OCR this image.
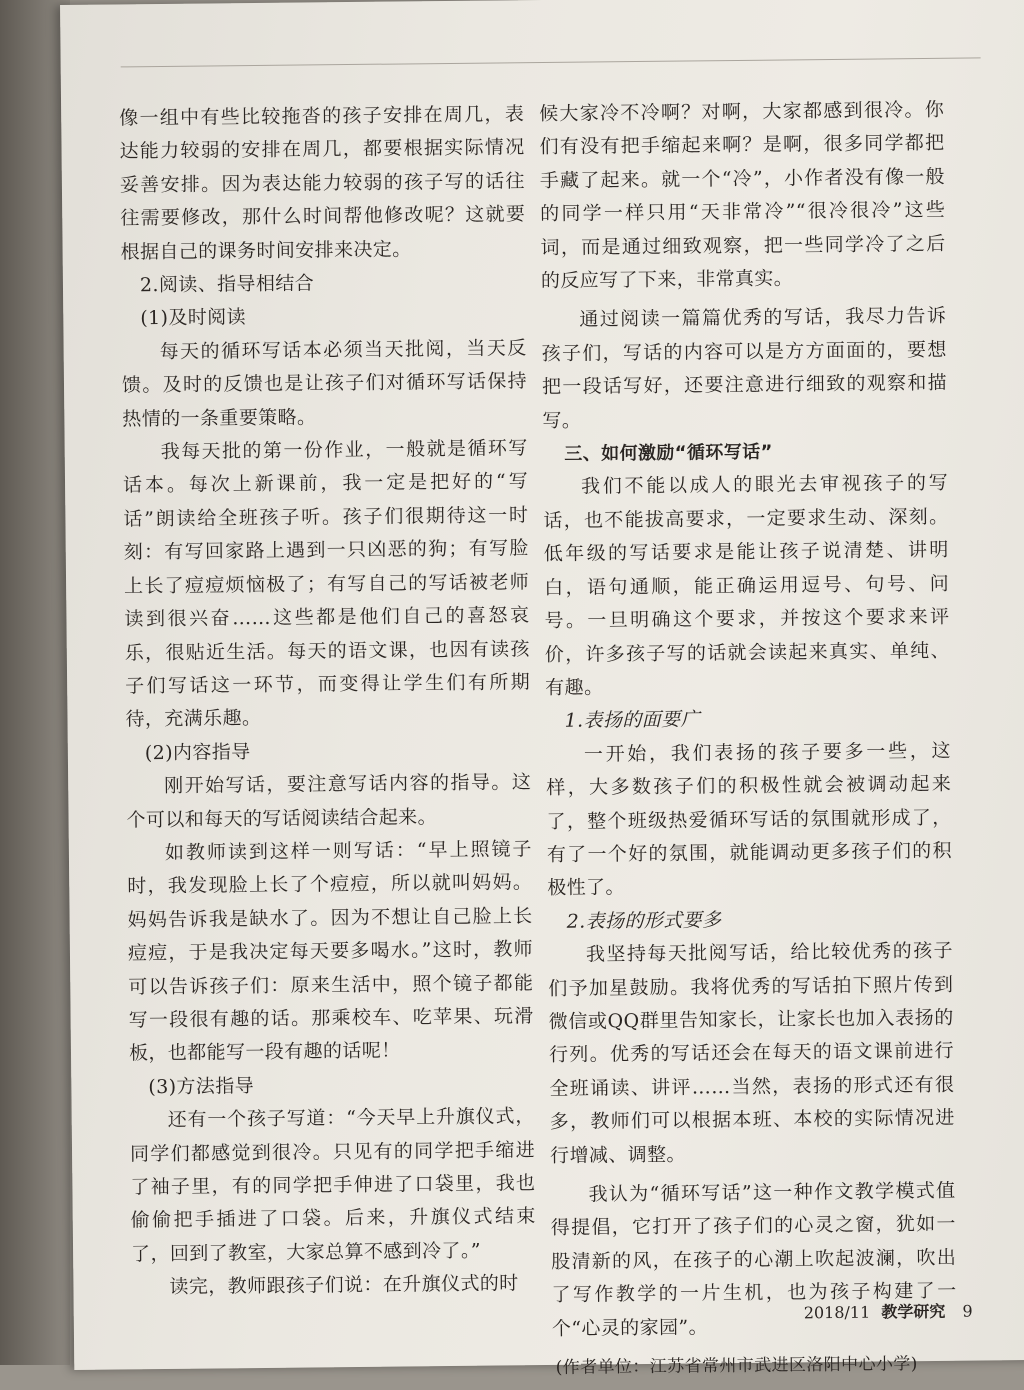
像一组中有些比较拖沓的孩子安排在周几，表达能力较弱的安排在周几，都要根据实际情况妥善安排。因为表达能力较弱的孩子写的话往往需要修改，那什么时间帮他修改呢？这就要根据自己的课务时间安排来决定。

2.阅读、指导相结合

(1)及时阅读

每天的循环写话本必须当天批阅，当天反馈。及时的反馈也是让孩子们对循环写话保持热情的一条重要策略。

我每天批的第一份作业，一般就是循环写话本。每次上新课前，我一定是把好的“写话”朗读给全班孩子听。孩子们很期待这一时刻：有写回家路上遇到一只凶恶的狗；有写脸上长了痘痘烦恼极了；有写自己的写话被老师读到很兴奋……这些都是他们自己的喜怒哀乐，很贴近生活。每天的语文课，也因有读孩子们写话这一环节，而变得让学生们有所期待，充满乐趣。

(2)内容指导

刚开始写话，要注意写话内容的指导。这个可以和每天的写话阅读结合起来。

如教师读到这样一则写话：“早上照镜子时，我发现脸上长了个痘痘，所以就叫妈妈。妈妈告诉我是缺水了。因为不想让自己脸上长痘痘，于是我决定每天要多喝水。”这时，教师可以告诉孩子们：原来生活中，照个镜子都能写一段很有趣的话。那乘校车、吃苹果、玩滑板，也都能写一段有趣的话呢！

(3)方法指导

还有一个孩子写道：“今天早上升旗仪式，同学们都感觉到很冷。只见有的同学把手缩进了袖子里，有的同学把手伸进了口袋里，我也偷偷把手插进了口袋。后来，升旗仪式结束了，回到了教室，大家总算不感到冷了。”

读完，教师跟孩子们说：在升旗仪式的时

候大家冷不冷啊？对啊，大家都感到很冷。你们有没有把手缩起来啊？是啊，很多同学都把手藏了起来。就一个“冷”，小作者没有像一般的同学一样只用“天非常冷”“很冷很冷”这些词，而是通过细致观察，把一些同学冷了之后的反应写了下来，非常真实。

通过阅读一篇篇优秀的写话，我尽力告诉孩子们，写话的内容可以是方方面面的，要想把一段话写好，还要注意进行细致的观察和描写。

三、如何激励“循环写话”

我们不能以成人的眼光去审视孩子的写话，也不能拔高要求，一定要求生动、深刻。低年级的写话要求是能让孩子说清楚、讲明白，语句通顺，能正确运用逗号、句号、问号。一旦明确这个要求，并按这个要求来评价，许多孩子写的话就会读起来真实、单纯、有趣。

1.表扬的面要广

一开始，我们表扬的孩子要多一些，这样，大多数孩子们的积极性就会被调动起来了，整个班级热爱循环写话的氛围就形成了，有了一个好的氛围，就能调动更多孩子们的积极性了。

2.表扬的形式要多

我坚持每天批阅写话，给比较优秀的孩子们予加星鼓励。我将优秀的写话拍下照片传到微信或QQ群里告知家长，让家长也加入表扬的行列。优秀的写话还会在每天的语文课前进行全班诵读、讲评……当然，表扬的形式还有很多，教师们可以根据本班、本校的实际情况进行增减、调整。

我认为“循环写话”这一种作文教学模式值得提倡，它打开了孩子们的心灵之窗，犹如一股清新的风，在孩子的心潮上吹起波澜，吹出了写作教学的一片生机，也为孩子构建了一个“心灵的家园”。

(作者单位：江苏省常州市武进区洛阳中心小学)

2018/11 教学研究 9
